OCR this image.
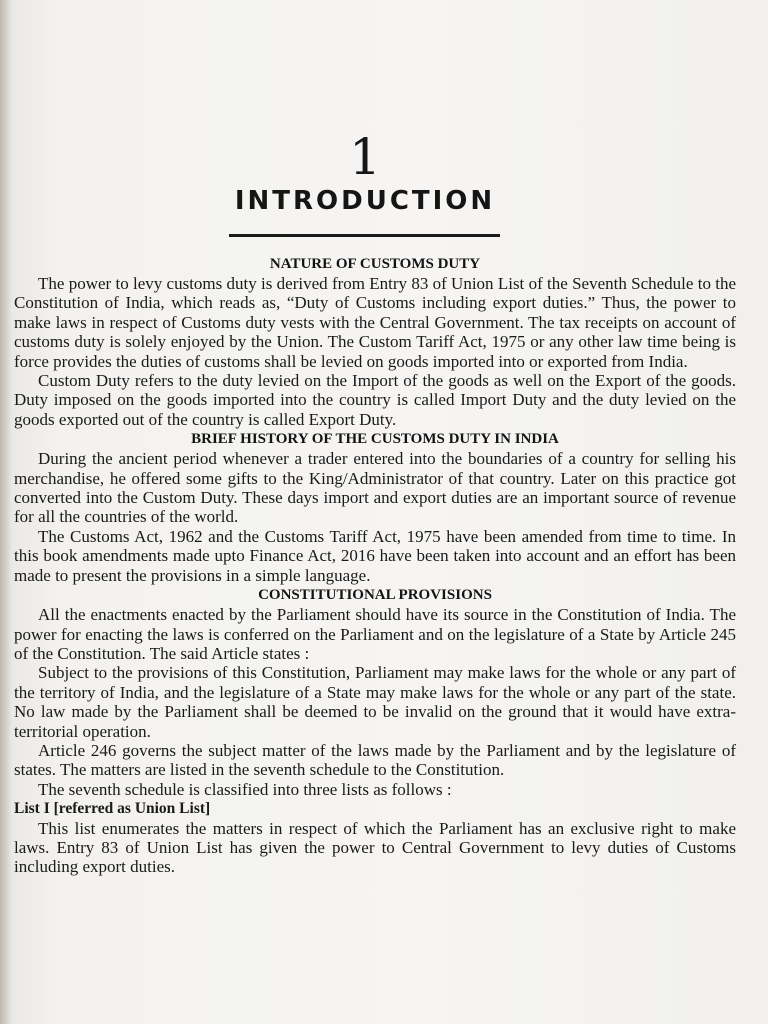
1
INTRODUCTION
NATURE OF CUSTOMS DUTY

The power to levy customs duty is derived from Entry 83 of Union List of the Seventh Schedule to the Constitution of India, which reads as, “Duty of Customs including export duties.” Thus, the power to make laws in respect of Customs duty vests with the Central Government. The tax receipts on account of customs duty is solely enjoyed by the Union. The Custom Tariff Act, 1975 or any other law time being is force provides the duties of customs shall be levied on goods imported into or exported from India.

Custom Duty refers to the duty levied on the Import of the goods as well on the Export of the goods. Duty imposed on the goods imported into the country is called Import Duty and the duty levied on the goods exported out of the country is called Export Duty.

BRIEF HISTORY OF THE CUSTOMS DUTY IN INDIA

During the ancient period whenever a trader entered into the boundaries of a country for selling his merchandise, he offered some gifts to the King/Administrator of that country. Later on this practice got converted into the Custom Duty. These days import and export duties are an important source of revenue for all the countries of the world.

The Customs Act, 1962 and the Customs Tariff Act, 1975 have been amended from time to time. In this book amendments made upto Finance Act, 2016 have been taken into account and an effort has been made to present the provisions in a simple language.

CONSTITUTIONAL PROVISIONS

All the enactments enacted by the Parliament should have its source in the Constitution of India. The power for enacting the laws is conferred on the Parliament and on the legislature of a State by Article 245 of the Constitution. The said Article states :

Subject to the provisions of this Constitution, Parliament may make laws for the whole or any part of the territory of India, and the legislature of a State may make laws for the whole or any part of the state. No law made by the Parliament shall be deemed to be invalid on the ground that it would have extra-territorial operation.

Article 246 governs the subject matter of the laws made by the Parliament and by the legislature of states. The matters are listed in the seventh schedule to the Constitution.

The seventh schedule is classified into three lists as follows :

List I [referred as Union List]

This list enumerates the matters in respect of which the Parliament has an exclusive right to make laws. Entry 83 of Union List has given the power to Central Government to levy duties of Customs including export duties.
